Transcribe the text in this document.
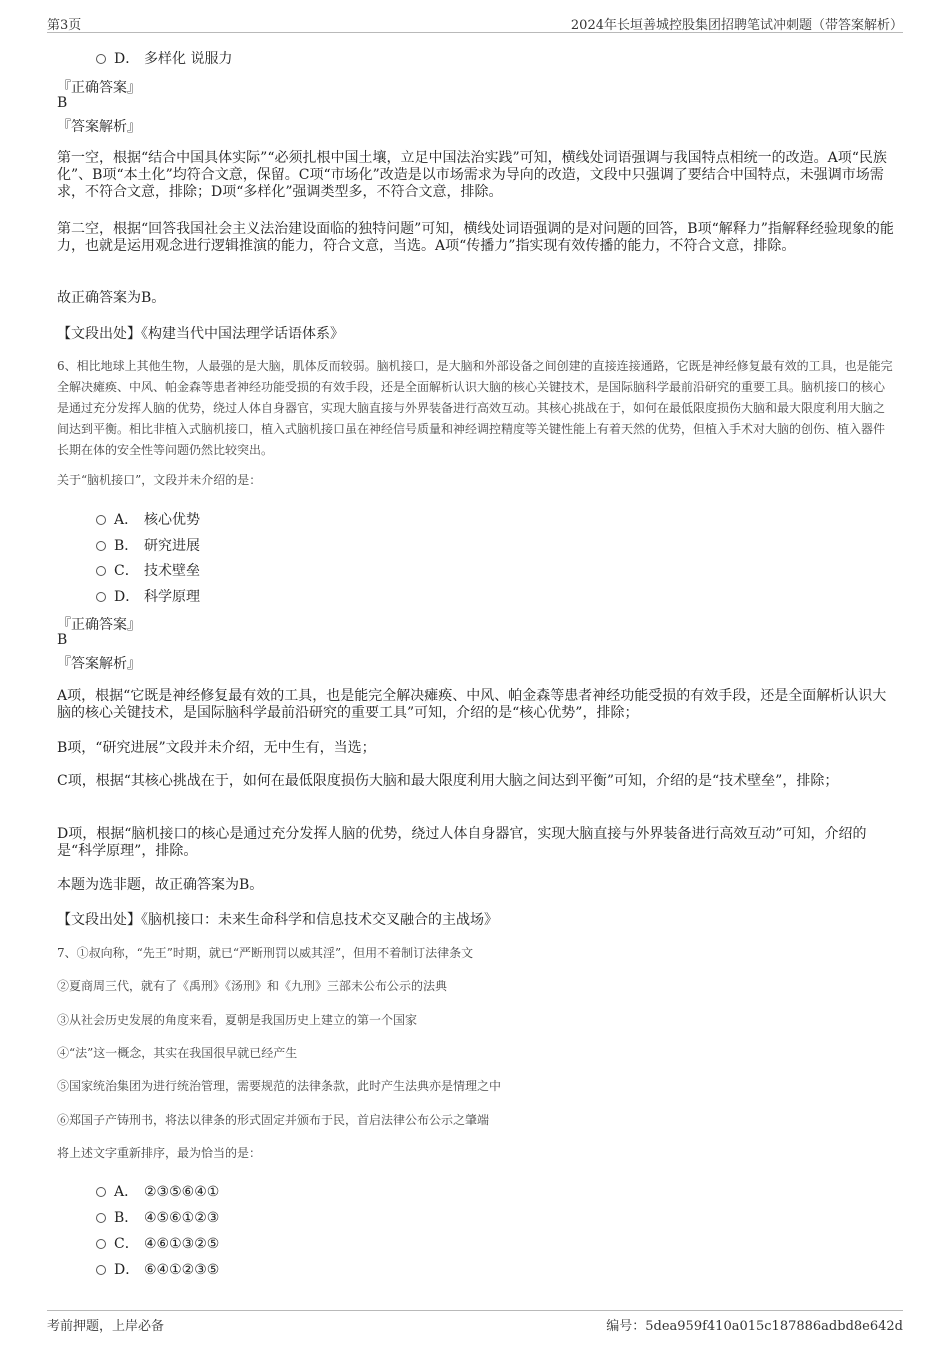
第3页	2024年长垣善城控股集团招聘笔试冲刺题（带答案解析）
D． 多样化 说服力
『正确答案』
B
『答案解析』
第一空，根据“结合中国具体实际”“必须扎根中国土壤，立足中国法治实践”可知，横线处词语强调与我国特点相统一的改造。A项“民族化”、B项“本土化”均符合文意，保留。C项“市场化”改造是以市场需求为导向的改造，文段中只强调了要结合中国特点，未强调市场需求，不符合文意，排除；D项“多样化”强调类型多，不符合文意，排除。
第二空，根据“回答我国社会主义法治建设面临的独特问题”可知，横线处词语强调的是对问题的回答，B项“解释力”指解释经验现象的能力，也就是运用观念进行逻辑推演的能力，符合文意，当选。A项“传播力”指实现有效传播的能力，不符合文意，排除。
故正确答案为B。
【文段出处】《构建当代中国法理学话语体系》
6、相比地球上其他生物，人最强的是大脑，肌体反而较弱。脑机接口，是大脑和外部设备之间创建的直接连接通路，它既是神经修复最有效的工具，也是能完全解决瘫痪、中风、帕金森等患者神经功能受损的有效手段，还是全面解析认识大脑的核心关键技术，是国际脑科学最前沿研究的重要工具。脑机接口的核心是通过充分发挥人脑的优势，绕过人体自身器官，实现大脑直接与外界装备进行高效互动。其核心挑战在于，如何在最低限度损伤大脑和最大限度利用大脑之间达到平衡。相比非植入式脑机接口，植入式脑机接口虽在神经信号质量和神经调控精度等关键性能上有着天然的优势，但植入手术对大脑的创伤、植入器件长期在体的安全性等问题仍然比较突出。
关于“脑机接口”，文段并未介绍的是：
A． 核心优势
B． 研究进展
C． 技术壁垒
D． 科学原理
『正确答案』
B
『答案解析』
A项，根据“它既是神经修复最有效的工具，也是能完全解决瘫痪、中风、帕金森等患者神经功能受损的有效手段，还是全面解析认识大脑的核心关键技术，是国际脑科学最前沿研究的重要工具”可知，介绍的是“核心优势”，排除；
B项，“研究进展”文段并未介绍，无中生有，当选；
C项，根据“其核心挑战在于，如何在最低限度损伤大脑和最大限度利用大脑之间达到平衡”可知，介绍的是“技术壁垒”，排除；
D项，根据“脑机接口的核心是通过充分发挥人脑的优势，绕过人体自身器官，实现大脑直接与外界装备进行高效互动”可知，介绍的是“科学原理”，排除。
本题为选非题，故正确答案为B。
【文段出处】《脑机接口：未来生命科学和信息技术交叉融合的主战场》
7、①叔向称，“先王”时期，就已“严断刑罚以威其淫”，但用不着制订法律条文
②夏商周三代，就有了《禹刑》《汤刑》和《九刑》三部未公布公示的法典
③从社会历史发展的角度来看，夏朝是我国历史上建立的第一个国家
④“法”这一概念，其实在我国很早就已经产生
⑤国家统治集团为进行统治管理，需要规范的法律条款，此时产生法典亦是情理之中
⑥郑国子产铸刑书，将法以律条的形式固定并颁布于民，首启法律公布公示之肇端
将上述文字重新排序，最为恰当的是：
A． ②③⑤⑥④①
B． ④⑤⑥①②③
C． ④⑥①③②⑤
D． ⑥④①②③⑤
考前押题，上岸必备	编号：5dea959f410a015c187886adbd8e642d
